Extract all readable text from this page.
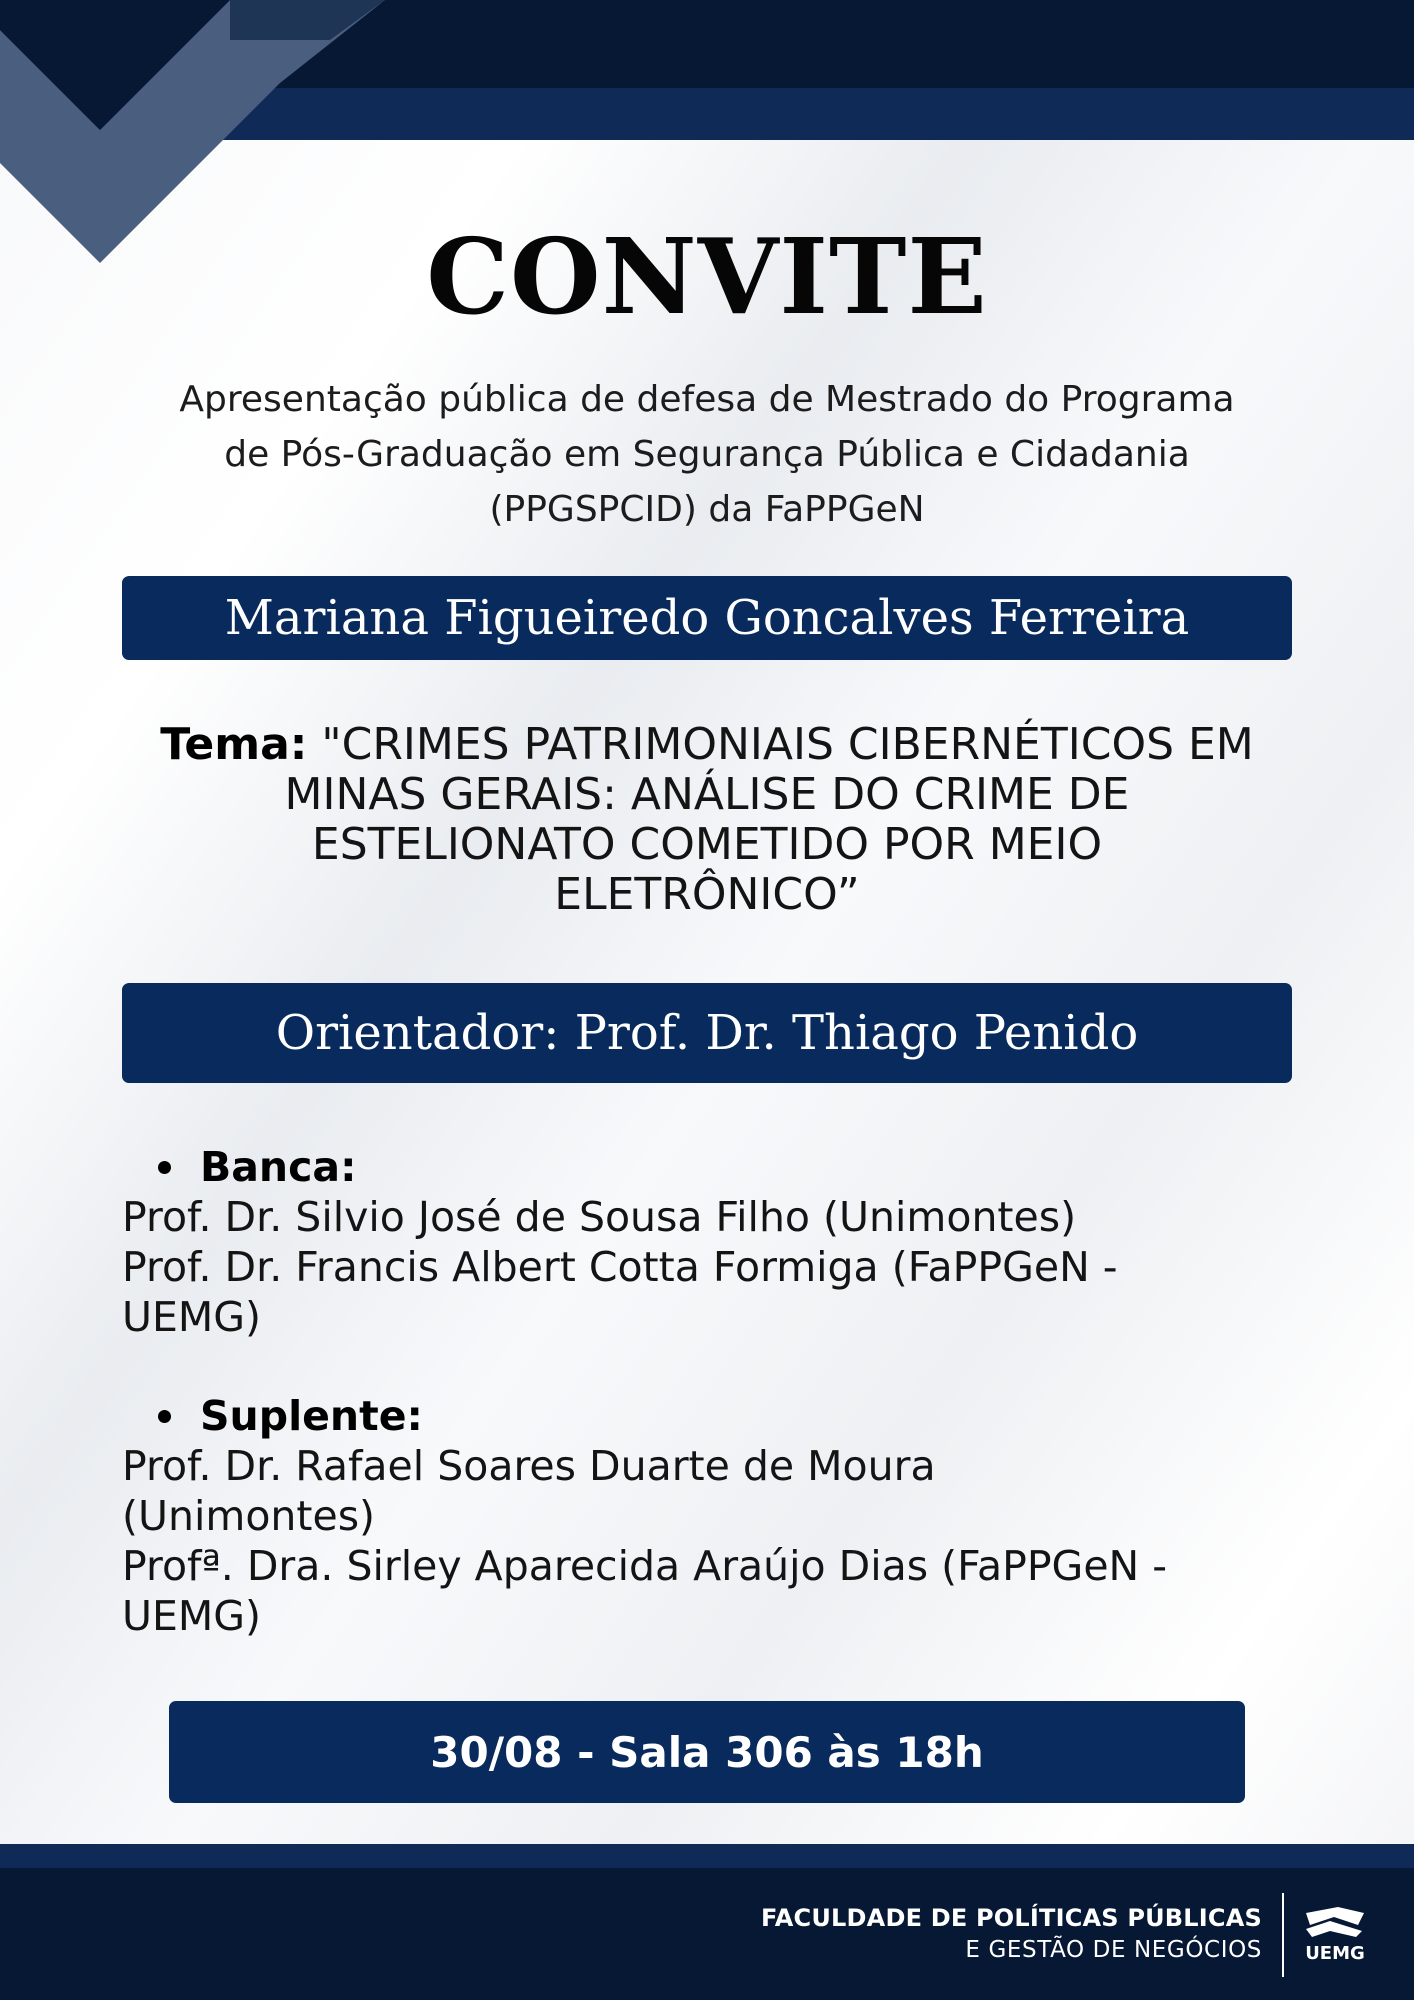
CONVITE
Apresentação pública de defesa de Mestrado do Programa
de Pós-Graduação em Segurança Pública e Cidadania
(PPGSPCID) da FaPPGeN
Mariana Figueiredo Goncalves Ferreira
Tema: "CRIMES PATRIMONIAIS CIBERNÉTICOS EM
MINAS GERAIS: ANÁLISE DO CRIME DE
ESTELIONATO COMETIDO POR MEIO
ELETRÔNICO”
Orientador: Prof. Dr. Thiago Penido
Banca:
Prof. Dr. Silvio José de Sousa Filho (Unimontes)
Prof. Dr. Francis Albert Cotta Formiga (FaPPGeN -
UEMG)
Suplente:
Prof. Dr. Rafael Soares Duarte de Moura
(Unimontes)
Profª. Dra. Sirley Aparecida Araújo Dias (FaPPGeN -
UEMG)
30/08 - Sala 306 às 18h
FACULDADE DE POLÍTICAS PÚBLICAS
E GESTÃO DE NEGÓCIOS UEMG
